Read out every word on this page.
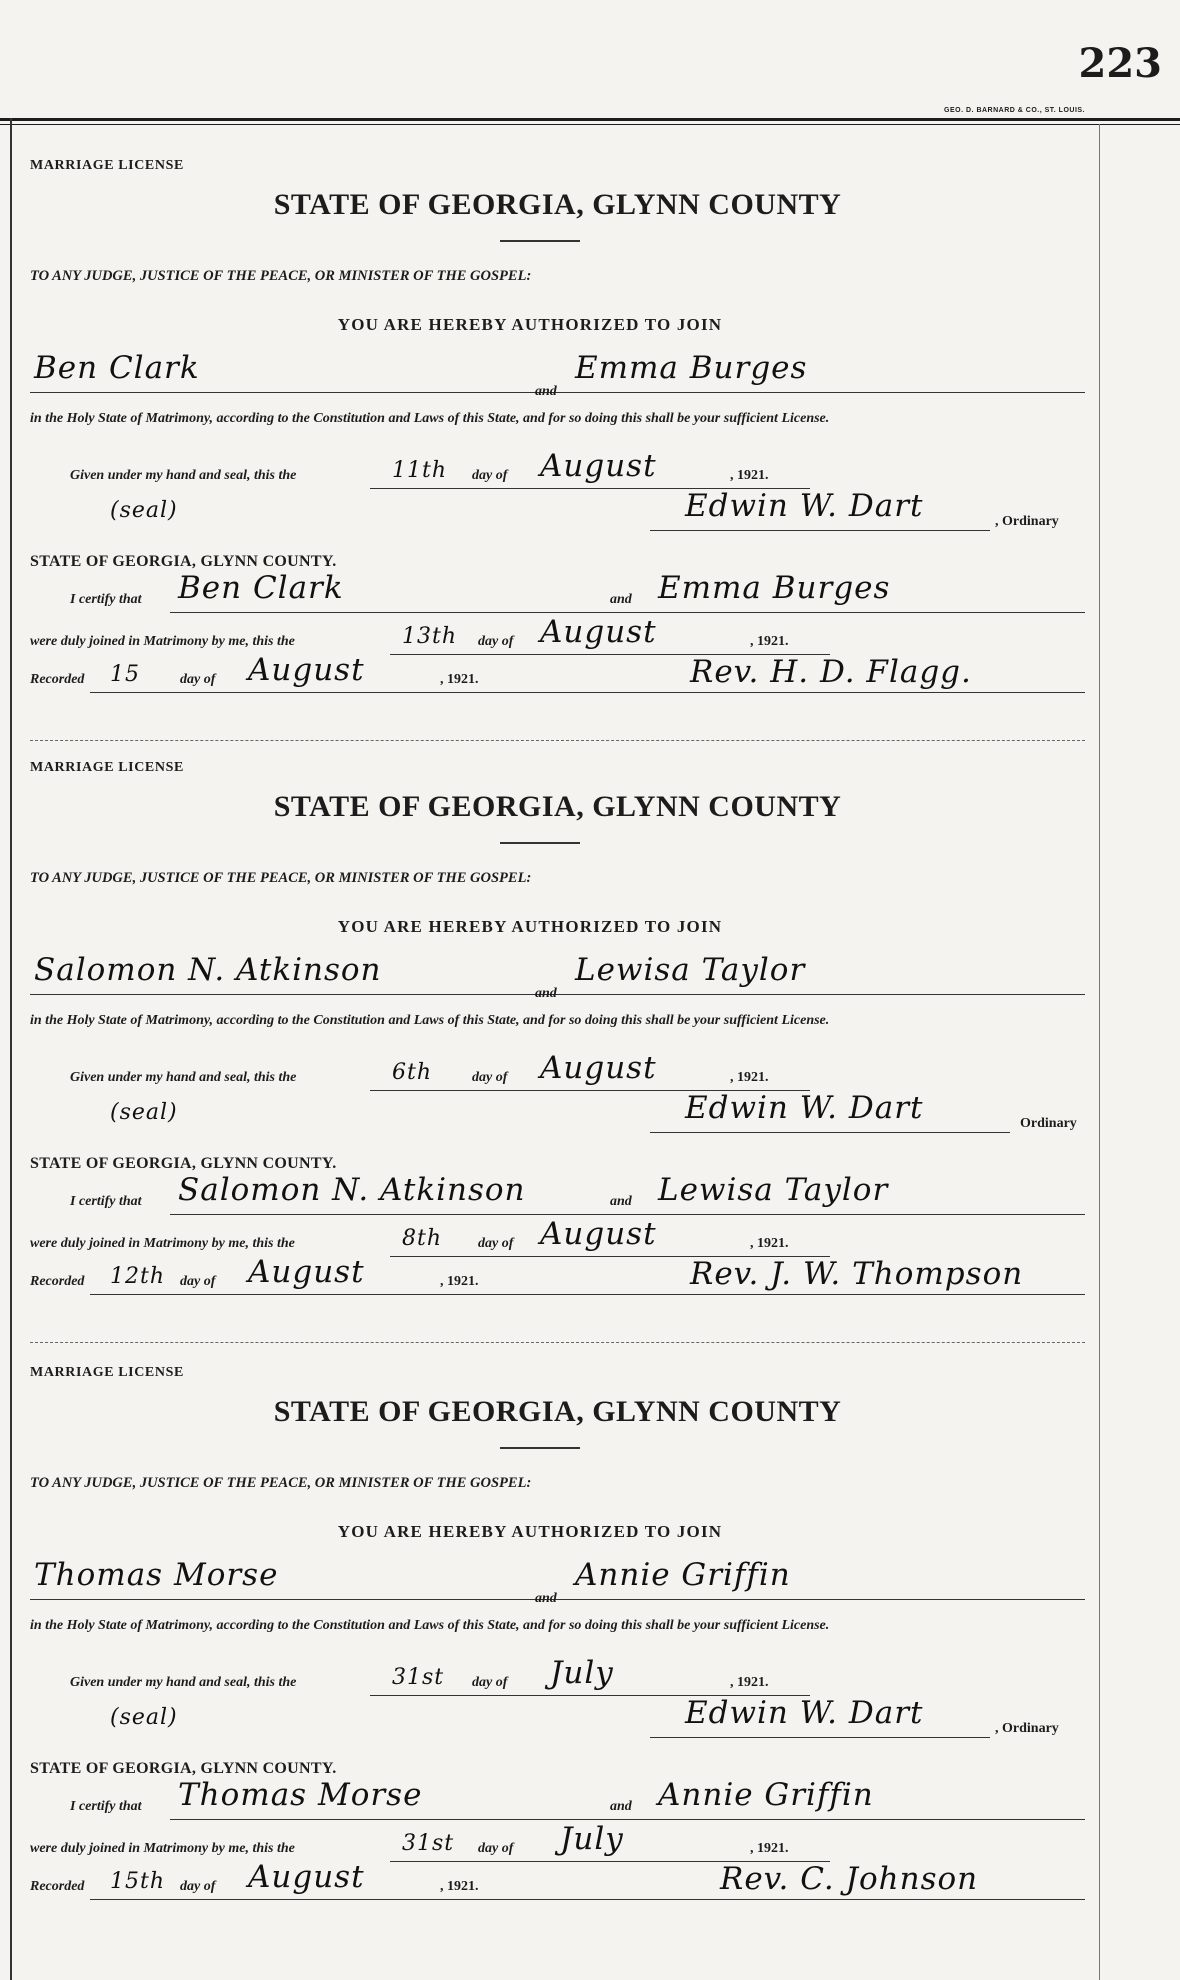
223
GEO. D. BARNARD & CO., ST. LOUIS.
MARRIAGE LICENSE
STATE OF GEORGIA, GLYNN COUNTY
TO ANY JUDGE, JUSTICE OF THE PEACE, OR MINISTER OF THE GOSPEL:
YOU ARE HEREBY AUTHORIZED TO JOIN
Ben Clark
and
Emma Burges
in the Holy State of Matrimony, according to the Constitution and Laws of this State, and for so doing this shall be your sufficient License.
Given under my hand and seal, this the	11th day of August	, 1921.
(seal)	Edwin W. Dart	, Ordinary
STATE OF GEORGIA, GLYNN COUNTY.
I certify that Ben Clark	and Emma Burges
were duly joined in Matrimony by me, this the	13th day of August	, 1921.
Recorded 15	day of August	, 1921.	Rev. H. D. Flagg.
MARRIAGE LICENSE
STATE OF GEORGIA, GLYNN COUNTY
TO ANY JUDGE, JUSTICE OF THE PEACE, OR MINISTER OF THE GOSPEL:
YOU ARE HEREBY AUTHORIZED TO JOIN
Salomon N. Atkinson
and
Lewisa Taylor
in the Holy State of Matrimony, according to the Constitution and Laws of this State, and for so doing this shall be your sufficient License.
Given under my hand and seal, this the	6th	day of August	, 1921.
(seal)	Edwin W. Dart	Ordinary
STATE OF GEORGIA, GLYNN COUNTY.
I certify that Salomon N. Atkinson	and Lewisa Taylor
were duly joined in Matrimony by me, this the	8th	day of August	, 1921.
Recorded 12th day of August	, 1921.	Rev. J. W. Thompson
MARRIAGE LICENSE
STATE OF GEORGIA, GLYNN COUNTY
TO ANY JUDGE, JUSTICE OF THE PEACE, OR MINISTER OF THE GOSPEL:
YOU ARE HEREBY AUTHORIZED TO JOIN
Thomas Morse
and
Annie Griffin
in the Holy State of Matrimony, according to the Constitution and Laws of this State, and for so doing this shall be your sufficient License.
Given under my hand and seal, this the	31st day of July	, 1921.
(seal)	Edwin W. Dart	, Ordinary
STATE OF GEORGIA, GLYNN COUNTY.
I certify that Thomas Morse	and Annie Griffin
were duly joined in Matrimony by me, this the	31st day of July	, 1921.
Recorded 15th day of August	, 1921.	Rev. C. Johnson
